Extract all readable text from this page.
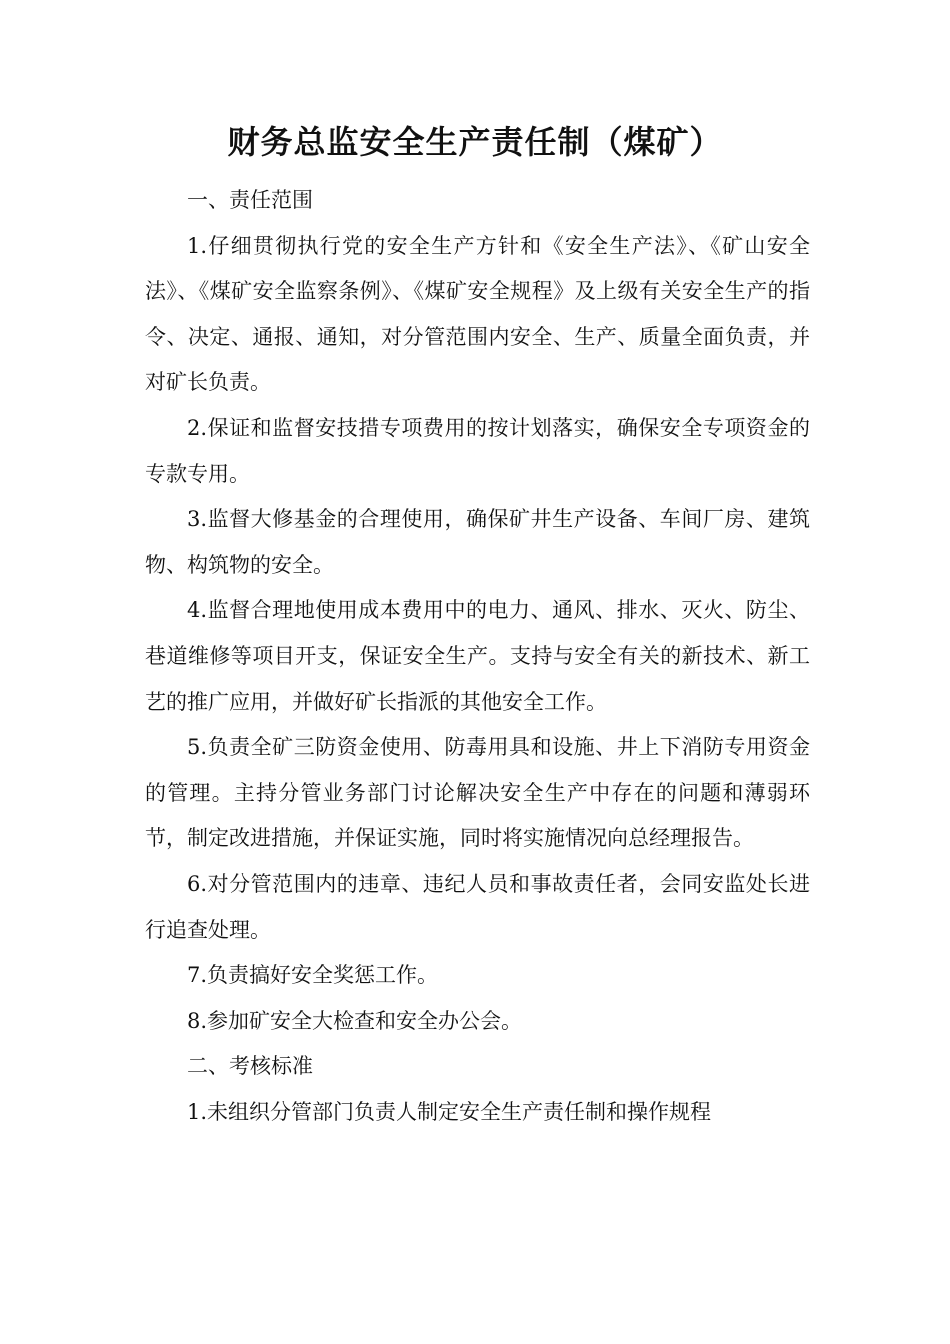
财务总监安全生产责任制（煤矿）

一、责任范围

1.仔细贯彻执行党的安全生产方针和《安全生产法》、《矿山安全法》、《煤矿安全监察条例》、《煤矿安全规程》及上级有关安全生产的指令、决定、通报、通知，对分管范围内安全、生产、质量全面负责，并对矿长负责。

2.保证和监督安技措专项费用的按计划落实，确保安全专项资金的专款专用。

3.监督大修基金的合理使用，确保矿井生产设备、车间厂房、建筑物、构筑物的安全。

4.监督合理地使用成本费用中的电力、通风、排水、灭火、防尘、巷道维修等项目开支，保证安全生产。支持与安全有关的新技术、新工艺的推广应用，并做好矿长指派的其他安全工作。

5.负责全矿三防资金使用、防毒用具和设施、井上下消防专用资金的管理。主持分管业务部门讨论解决安全生产中存在的问题和薄弱环节，制定改进措施，并保证实施，同时将实施情况向总经理报告。

6.对分管范围内的违章、违纪人员和事故责任者，会同安监处长进行追查处理。

7.负责搞好安全奖惩工作。

8.参加矿安全大检查和安全办公会。

二、考核标准

1.未组织分管部门负责人制定安全生产责任制和操作规程
